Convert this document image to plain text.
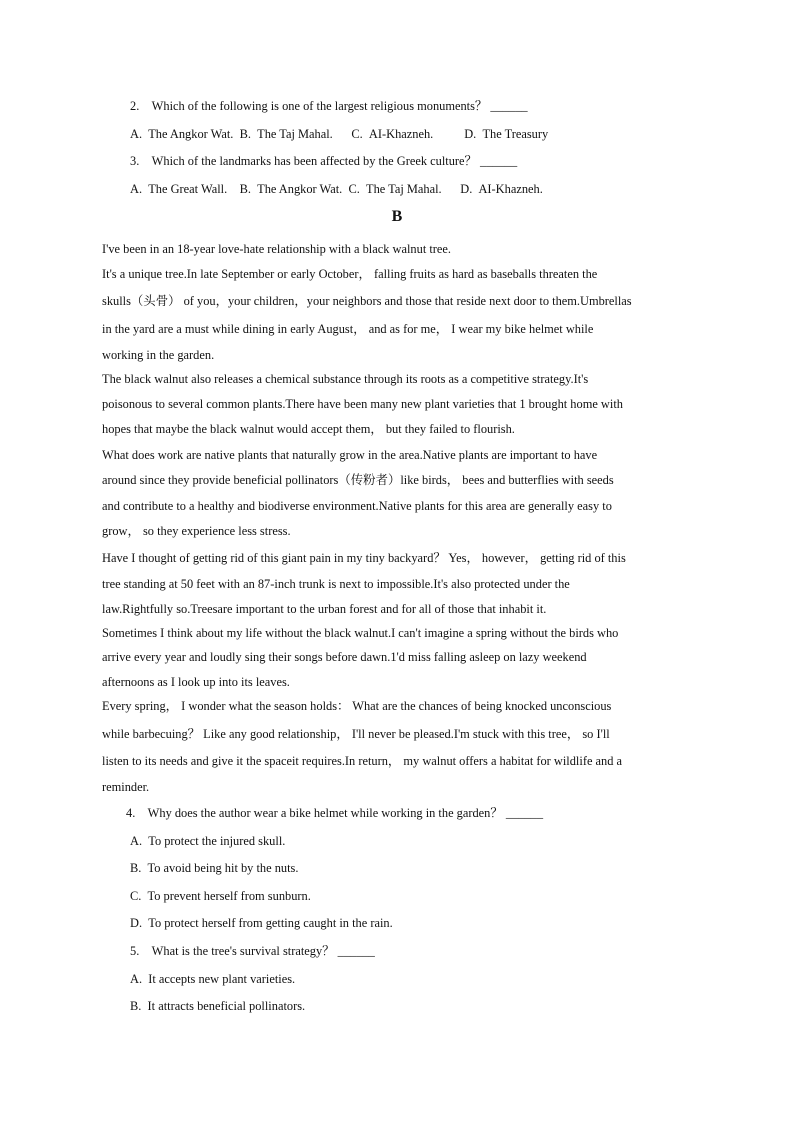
2. Which of the following is one of the largest religious monuments？ ______
A. The Angkor Wat. B. The Taj Mahal.  C. AI-Khazneh.   D. The Treasury
3. Which of the landmarks has been affected by the Greek culture？ ______
A. The Great Wall. B. The Angkor Wat. C. The Taj Mahal.  D. AI-Khazneh.
B
I've been in an 18-year love-hate relationship with a black walnut tree.
It's a unique tree.In late September or early October， falling fruits as hard as baseballs threaten the
skulls（头骨） of you，your children，your neighbors and those that reside next door to them.Umbrellas
in the yard are a must while dining in early August， and as for me， I wear my bike helmet while
working in the garden.
The black walnut also releases a chemical substance through its roots as a competitive strategy.It's
poisonous to several common plants.There have been many new plant varieties that 1 brought home with
hopes that maybe the black walnut would accept them， but they failed to flourish.
What does work are native plants that naturally grow in the area.Native plants are important to have
around since they provide beneficial pollinators（传粉者）like birds， bees and butterflies with seeds
and contribute to a healthy and biodiverse environment.Native plants for this area are generally easy to
grow， so they experience less stress.
Have I thought of getting rid of this giant pain in my tiny backyard？ Yes， however， getting rid of this
tree standing at 50 feet with an 87-inch trunk is next to impossible.It's also protected under the
law.Rightfully so.Treesare important to the urban forest and for all of those that inhabit it.
Sometimes I think about my life without the black walnut.I can't imagine a spring without the birds who
arrive every year and loudly sing their songs before dawn.1'd miss falling asleep on lazy weekend
afternoons as I look up into its leaves.
Every spring， I wonder what the season holds： What are the chances of being knocked unconscious
while barbecuing？ Like any good relationship， I'll never be pleased.I'm stuck with this tree， so I'll
listen to its needs and give it the spaceit requires.In return， my walnut offers a habitat for wildlife and a
reminder.
4. Why does the author wear a bike helmet while working in the garden？ ______
A. To protect the injured skull.
B. To avoid being hit by the nuts.
C. To prevent herself from sunburn.
D. To protect herself from getting caught in the rain.
5. What is the tree's survival strategy？ ______
A. It accepts new plant varieties.
B. It attracts beneficial pollinators.
